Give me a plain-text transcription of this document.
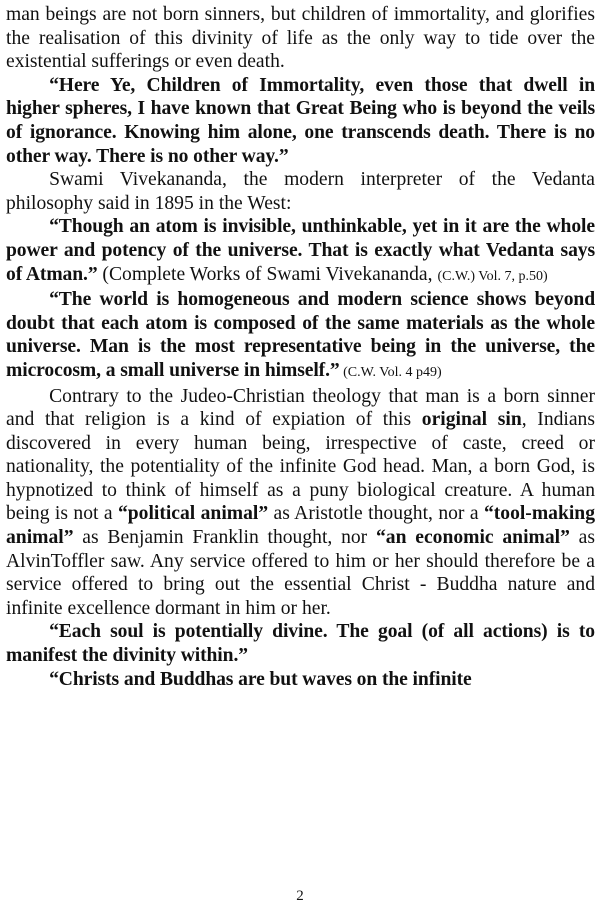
man beings are not born sinners, but children of immortality, and glorifies the realisation of this divinity of life as the only way to tide over the existential sufferings or even death.

“Here Ye, Children of Immortality, even those that dwell in higher spheres, I have known that Great Being who is beyond the veils of ignorance. Knowing him alone, one transcends death. There is no other way. There is no other way.”

Swami Vivekananda, the modern interpreter of the Vedanta philosophy said in 1895 in the West:

“Though an atom is invisible, unthinkable, yet in it are the whole power and potency of the universe. That is exactly what Vedanta says of Atman.” (Complete Works of Swami Vivekananda, (C.W.) Vol. 7, p.50)

“The world is homogeneous and modern science shows beyond doubt that each atom is composed of the same materials as the whole universe. Man is the most representative being in the universe, the microcosm, a small universe in himself.” (C.W. Vol. 4 p49)

Contrary to the Judeo-Christian theology that man is a born sinner and that religion is a kind of expiation of this original sin, Indians discovered in every human being, irrespective of caste, creed or nationality, the potentiality of the infinite God head. Man, a born God, is hypnotized to think of himself as a puny biological creature. A human being is not a “political animal” as Aristotle thought, nor a “tool-making animal” as Benjamin Franklin thought, nor “an economic animal” as AlvinToffler saw. Any service offered to him or her should therefore be a service offered to bring out the essential Christ - Buddha nature and infinite excellence dormant in him or her.

“Each soul is potentially divine. The goal (of all actions) is to manifest the divinity within.”

“Christs and Buddhas are but waves on the infinite

2
